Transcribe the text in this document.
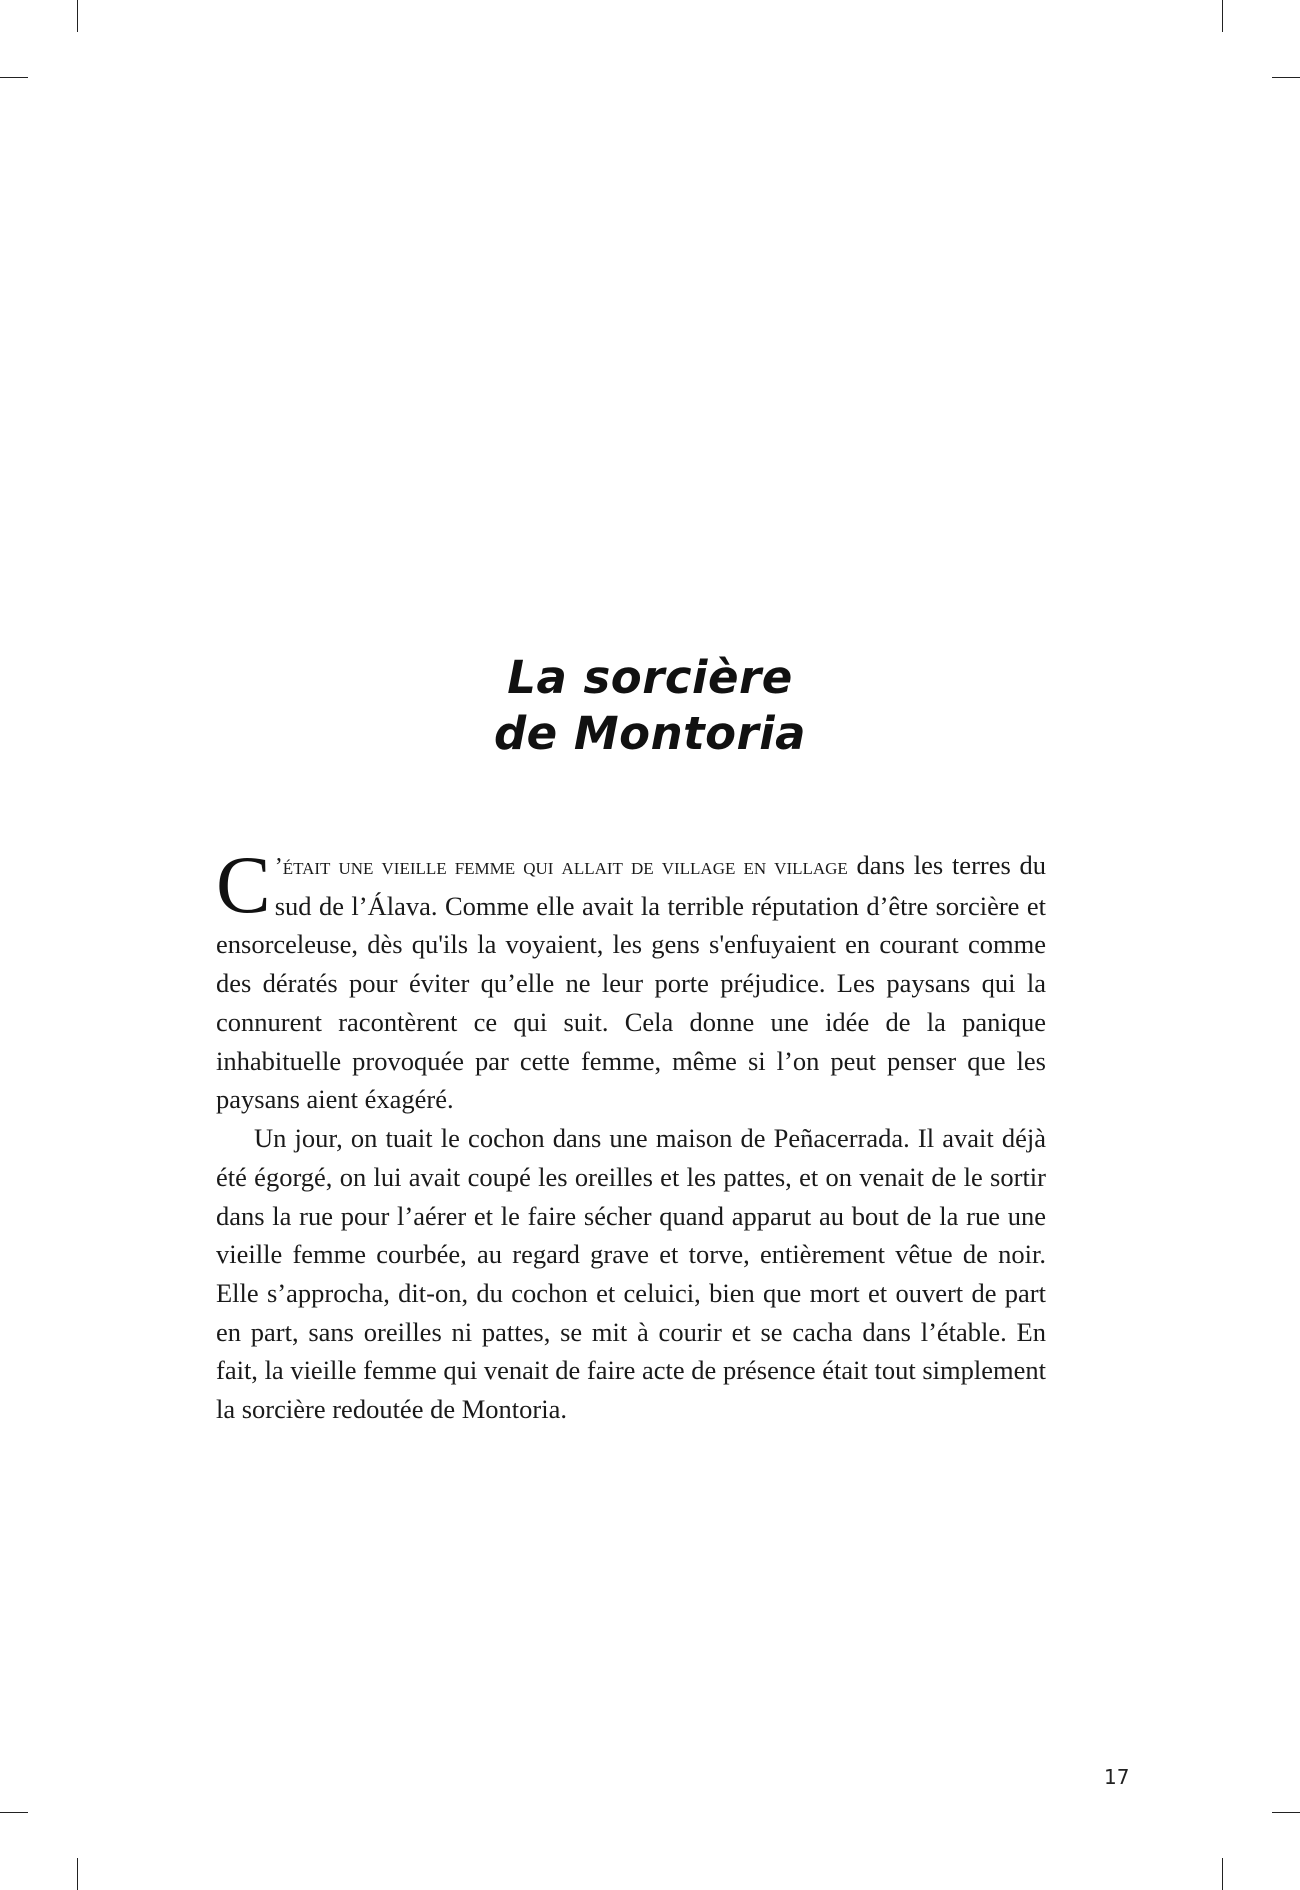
La sorcière
de Montoria

C ’était une vieille femme qui allait de village en village dans les terres du sud de l’Álava. Comme elle avait la terrible réputation d’être sorcière et ensorceleuse, dès qu'ils la voyaient, les gens s'enfuyaient en courant comme des dératés pour éviter qu’elle ne leur porte préjudice. Les paysans qui la connurent racontèrent ce qui suit. Cela donne une idée de la panique inhabituelle provoquée par cette femme, même si l’on peut penser que les paysans aient éxagéré.

Un jour, on tuait le cochon dans une maison de Peñacerrada. Il avait déjà été égorgé, on lui avait coupé les oreilles et les pattes, et on venait de le sortir dans la rue pour l’aérer et le faire sécher quand apparut au bout de la rue une vieille femme courbée, au regard grave et torve, entièrement vêtue de noir. Elle s’approcha, dit-on, du cochon et celuici, bien que mort et ouvert de part en part, sans oreilles ni pattes, se mit à courir et se cacha dans l’étable. En fait, la vieille femme qui venait de faire acte de présence était tout simplement la sorcière redoutée de Montoria.

17
